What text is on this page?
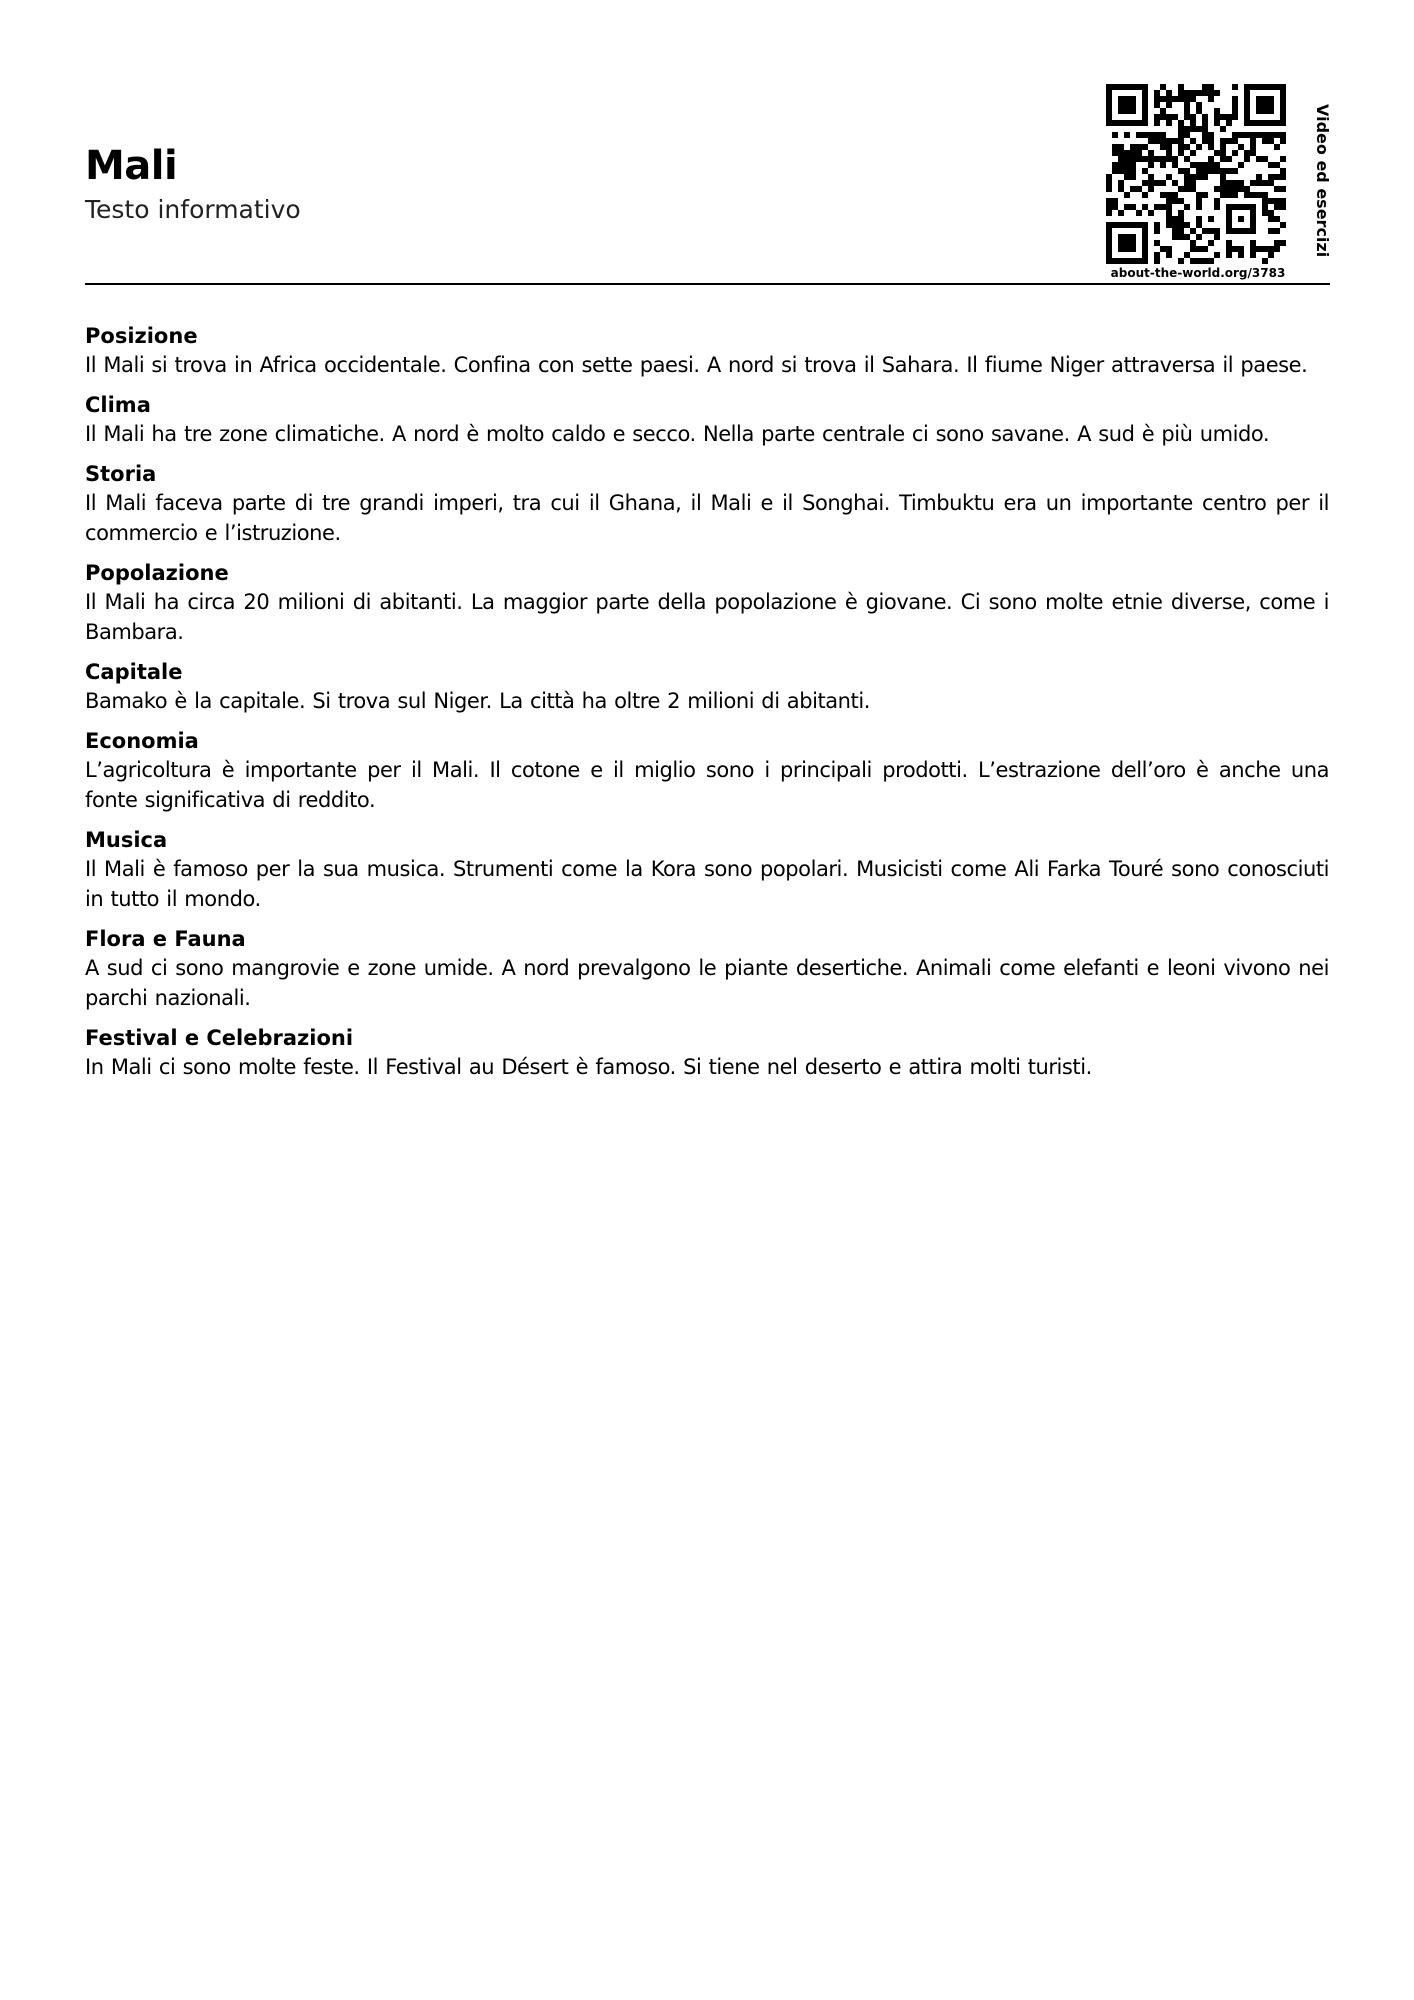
Mali
Testo informativo
about-the-world.org/3783
Video ed esercizi

Posizione

Il Mali si trova in Africa occidentale. Confina con sette paesi. A nord si trova il Sahara. Il fiume Niger attraversa il paese.

Clima

Il Mali ha tre zone climatiche. A nord è molto caldo e secco. Nella parte centrale ci sono savane. A sud è più umido.

Storia

Il Mali faceva parte di tre grandi imperi, tra cui il Ghana, il Mali e il Songhai. Timbuktu era un importante centro per il commercio e l’istruzione.

Popolazione

Il Mali ha circa 20 milioni di abitanti. La maggior parte della popolazione è giovane. Ci sono molte etnie diverse, come i Bambara.

Capitale

Bamako è la capitale. Si trova sul Niger. La città ha oltre 2 milioni di abitanti.

Economia

L’agricoltura è importante per il Mali. Il cotone e il miglio sono i principali prodotti. L’estrazione dell’oro è anche una fonte significativa di reddito.

Musica

Il Mali è famoso per la sua musica. Strumenti come la Kora sono popolari. Musicisti come Ali Farka Touré sono conosciuti in tutto il mondo.

Flora e Fauna

A sud ci sono mangrovie e zone umide. A nord prevalgono le piante desertiche. Animali come elefanti e leoni vivono nei parchi nazionali.

Festival e Celebrazioni

In Mali ci sono molte feste. Il Festival au Désert è famoso. Si tiene nel deserto e attira molti turisti.
